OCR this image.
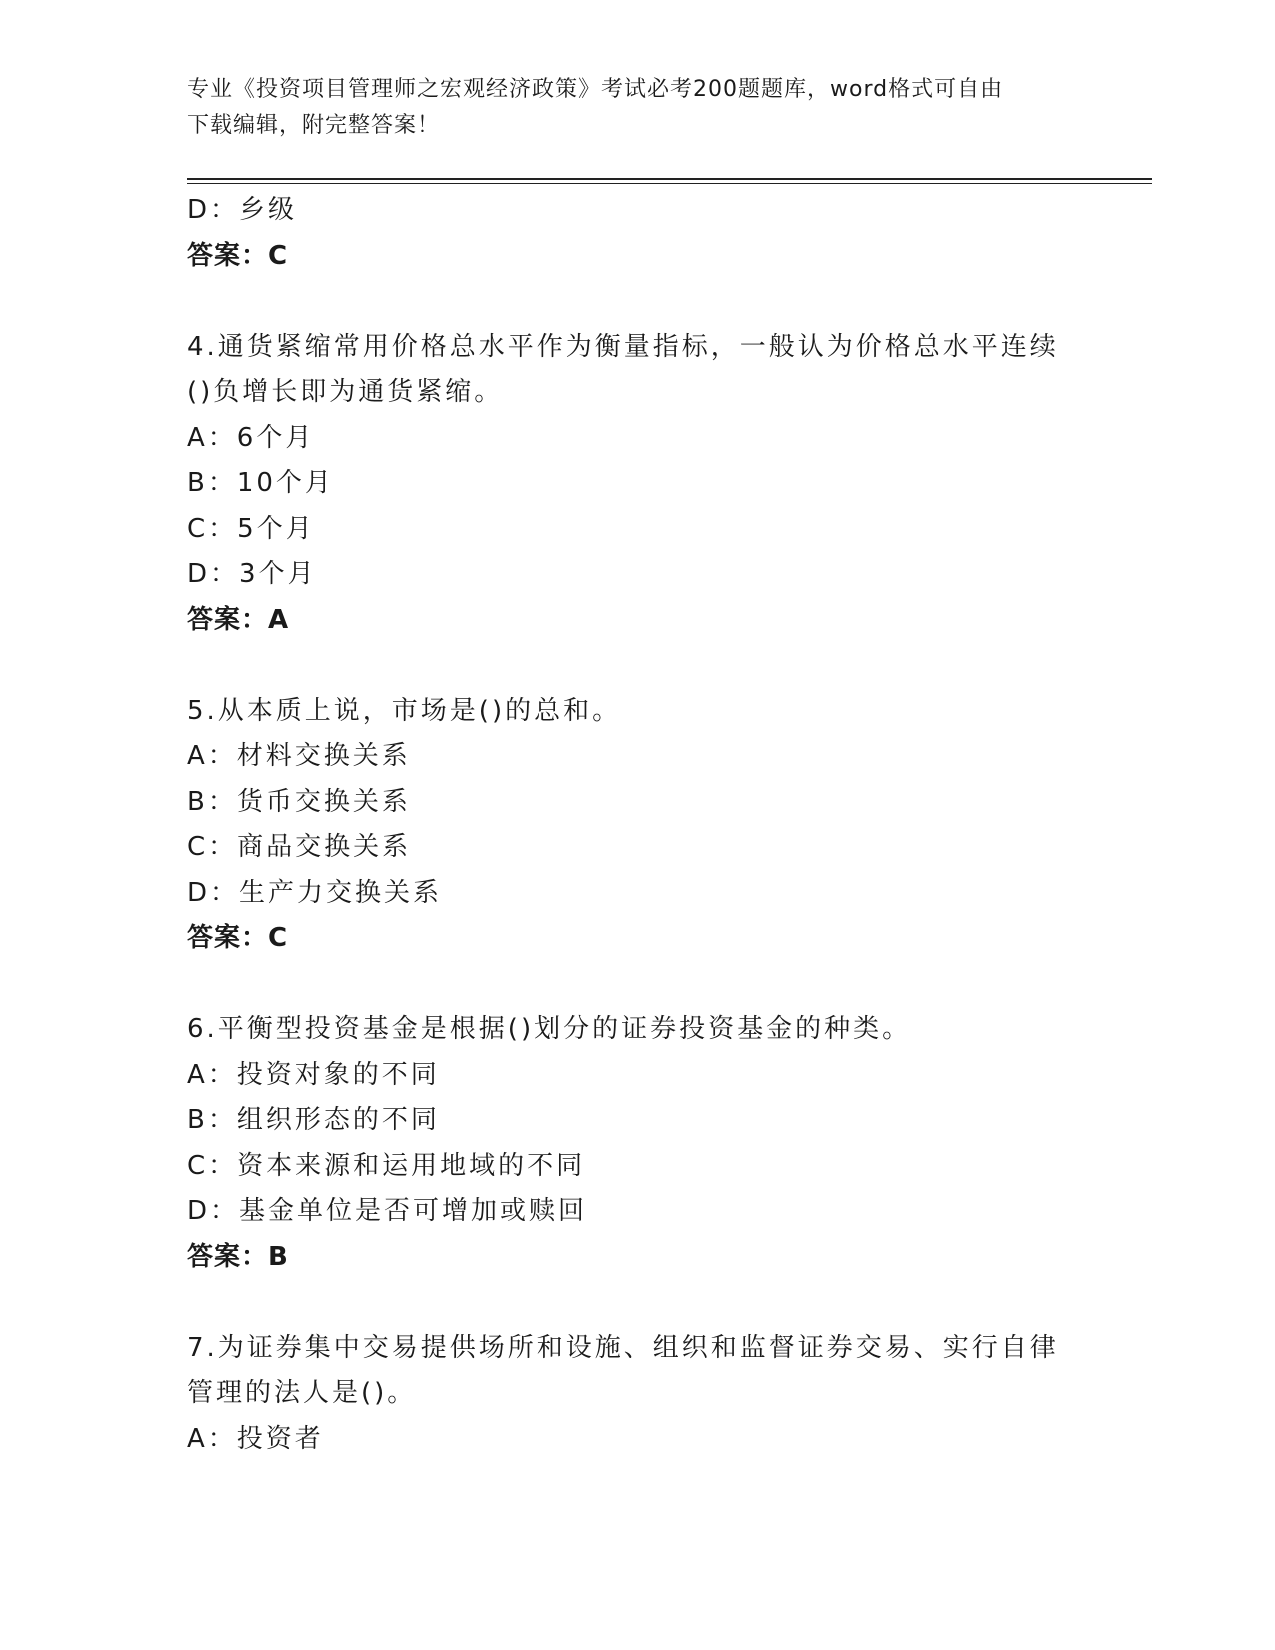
专业《投资项目管理师之宏观经济政策》考试必考200题题库，word格式可自由
下载编辑，附完整答案！
D：乡级
答案：C
4.通货紧缩常用价格总水平作为衡量指标，一般认为价格总水平连续
()负增长即为通货紧缩。
A：6个月
B：10个月
C：5个月
D：3个月
答案：A
5.从本质上说，市场是()的总和。
A：材料交换关系
B：货币交换关系
C：商品交换关系
D：生产力交换关系
答案：C
6.平衡型投资基金是根据()划分的证券投资基金的种类。
A：投资对象的不同
B：组织形态的不同
C：资本来源和运用地域的不同
D：基金单位是否可增加或赎回
答案：B
7.为证券集中交易提供场所和设施、组织和监督证券交易、实行自律
管理的法人是()。
A：投资者
